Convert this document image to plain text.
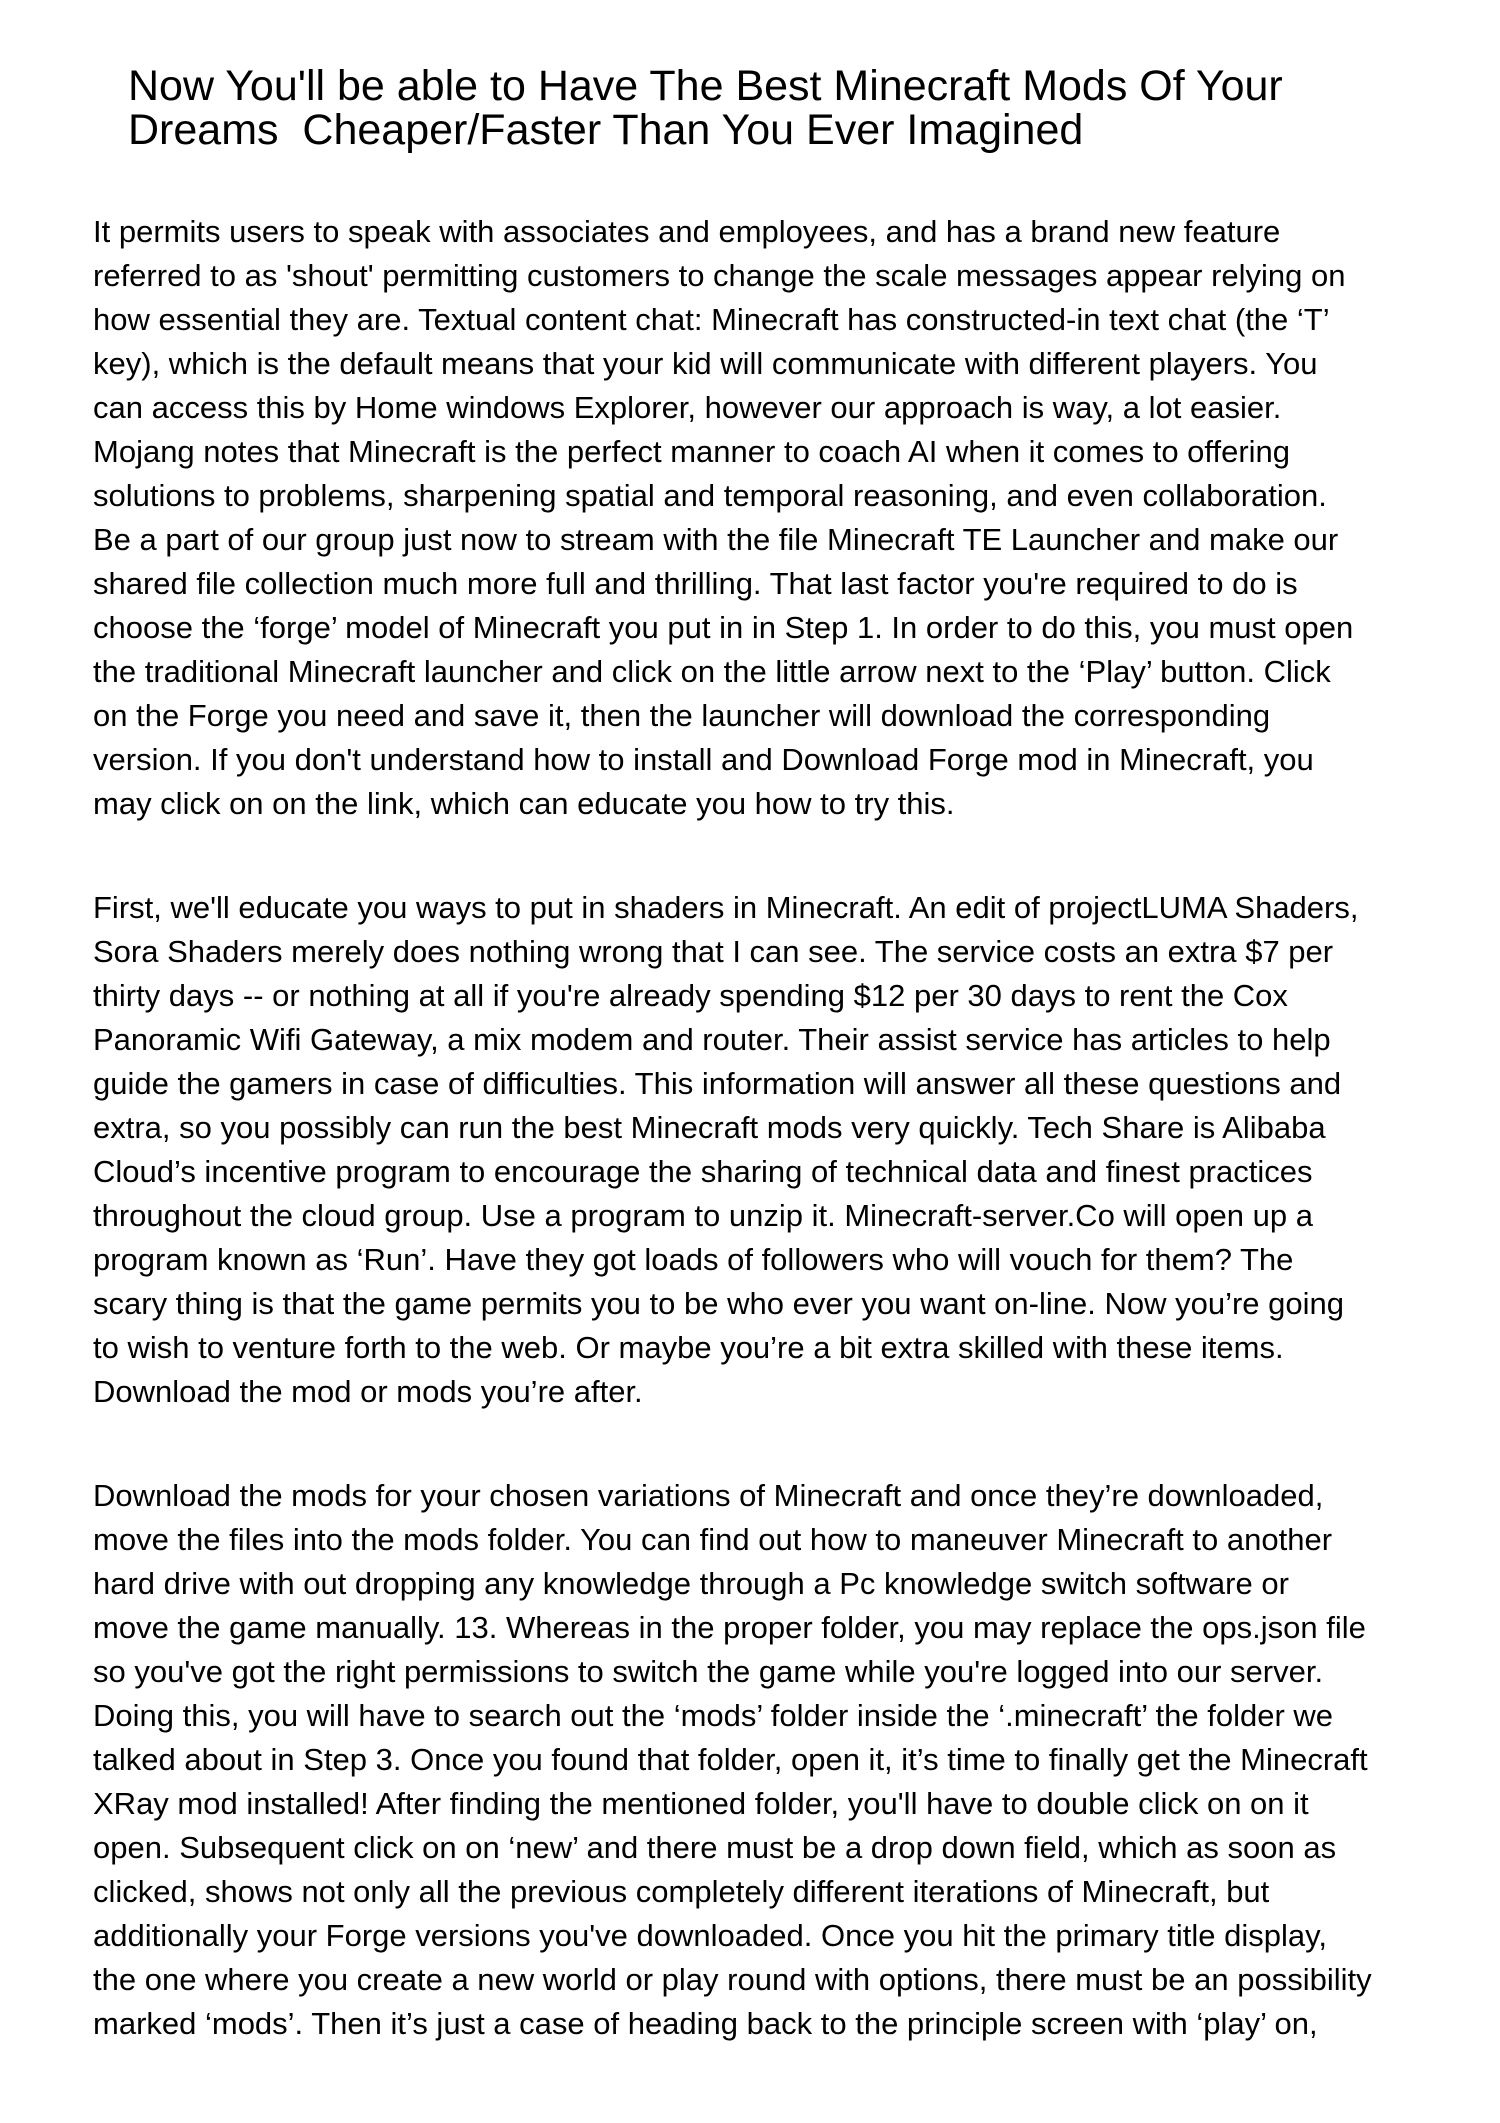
Now You'll be able to Have The Best Minecraft Mods Of Your Dreams  Cheaper/Faster Than You Ever Imagined

It permits users to speak with associates and employees, and has a brand new feature referred to as 'shout' permitting customers to change the scale messages appear relying on how essential they are. Textual content chat: Minecraft has constructed-in text chat (the ‘T’ key), which is the default means that your kid will communicate with different players. You can access this by Home windows Explorer, however our approach is way, a lot easier. Mojang notes that Minecraft is the perfect manner to coach AI when it comes to offering solutions to problems, sharpening spatial and temporal reasoning, and even collaboration. Be a part of our group just now to stream with the file Minecraft TE Launcher and make our shared file collection much more full and thrilling. That last factor you're required to do is choose the ‘forge’ model of Minecraft you put in in Step 1. In order to do this, you must open the traditional Minecraft launcher and click on the little arrow next to the ‘Play’ button. Click on the Forge you need and save it, then the launcher will download the corresponding version. If you don't understand how to install and Download Forge mod in Minecraft, you may click on on the link, which can educate you how to try this.

First, we'll educate you ways to put in shaders in Minecraft. An edit of projectLUMA Shaders, Sora Shaders merely does nothing wrong that I can see. The service costs an extra $7 per thirty days -- or nothing at all if you're already spending $12 per 30 days to rent the Cox Panoramic Wifi Gateway, a mix modem and router. Their assist service has articles to help guide the gamers in case of difficulties. This information will answer all these questions and extra, so you possibly can run the best Minecraft mods very quickly. Tech Share is Alibaba Cloud’s incentive program to encourage the sharing of technical data and finest practices throughout the cloud group. Use a program to unzip it. Minecraft-server.Co will open up a program known as ‘Run’. Have they got loads of followers who will vouch for them? The scary thing is that the game permits you to be who ever you want on-line. Now you’re going to wish to venture forth to the web. Or maybe you’re a bit extra skilled with these items. Download the mod or mods you’re after.

Download the mods for your chosen variations of Minecraft and once they’re downloaded, move the files into the mods folder. You can find out how to maneuver Minecraft to another hard drive with out dropping any knowledge through a Pc knowledge switch software or move the game manually. 13. Whereas in the proper folder, you may replace the ops.json file so you've got the right permissions to switch the game while you're logged into our server. Doing this, you will have to search out the ‘mods’ folder inside the ‘.minecraft’ the folder we talked about in Step 3. Once you found that folder, open it, it’s time to finally get the Minecraft XRay mod installed! After finding the mentioned folder, you'll have to double click on on it open. Subsequent click on on ‘new’ and there must be a drop down field, which as soon as clicked, shows not only all the previous completely different iterations of Minecraft, but additionally your Forge versions you've downloaded. Once you hit the primary title display, the one where you create a new world or play round with options, there must be an possibility marked ‘mods’. Then it’s just a case of heading back to the principle screen with ‘play’ on,
